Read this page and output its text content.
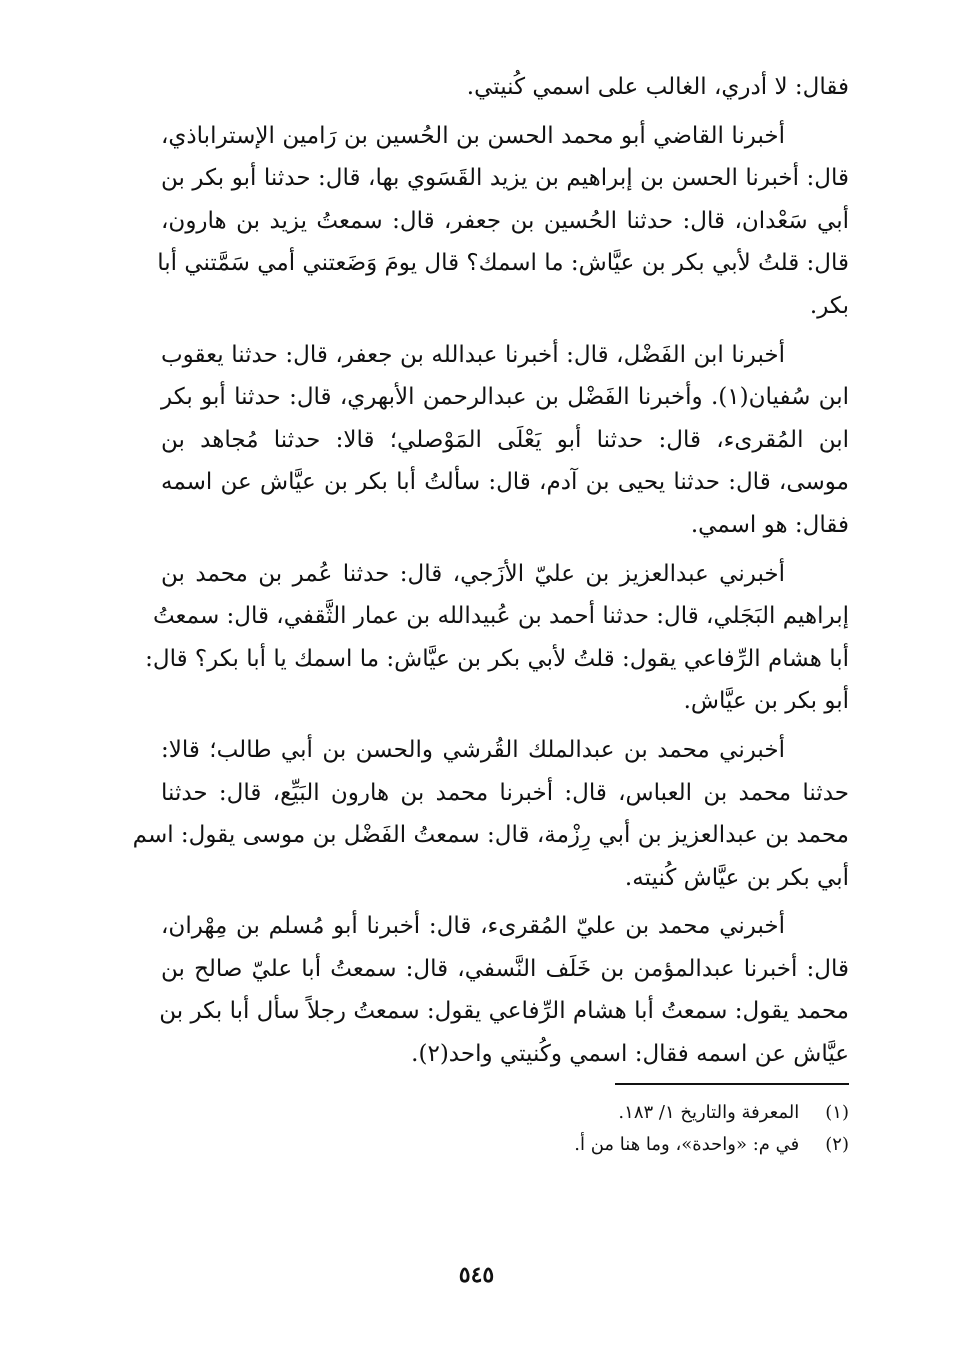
فقال: لا أدري، الغالب على اسمي كُنيتي.
أخبرنا القاضي أبو محمد الحسن بن الحُسين بن رَامين الإستراباذي،
قال: أخبرنا الحسن بن إبراهيم بن يزيد القَسَوي بها، قال: حدثنا أبو بكر بن
أبي سَعْدان، قال: حدثنا الحُسين بن جعفر، قال: سمعتُ يزيد بن هارون،
قال: قلتُ لأبي بكر بن عيَّاش: ما اسمك؟ قال يومَ وَضَعتني أمي سَمَّتني أبا
بكر.
أخبرنا ابن الفَضْل، قال: أخبرنا عبدالله بن جعفر، قال: حدثنا يعقوب
ابن سُفيان(١). وأخبرنا الفَضْل بن عبدالرحمن الأبهري، قال: حدثنا أبو بكر
ابن المُقرىء، قال: حدثنا أبو يَعْلَى المَوْصلي؛ قالا: حدثنا مُجاهد بن
موسى، قال: حدثنا يحيى بن آدم، قال: سألتُ أبا بكر بن عيَّاش عن اسمه
فقال: هو اسمي.
أخبرني عبدالعزيز بن عليّ الأزَجي، قال: حدثنا عُمر بن محمد بن
إبراهيم البَجَلي، قال: حدثنا أحمد بن عُبيدالله بن عمار الثَّقفي، قال: سمعتُ
أبا هشام الرِّفاعي يقول: قلتُ لأبي بكر بن عيَّاش: ما اسمك يا أبا بكر؟ قال:
أبو بكر بن عيَّاش.
أخبرني محمد بن عبدالملك القُرشي والحسن بن أبي طالب؛ قالا:
حدثنا محمد بن العباس، قال: أخبرنا محمد بن هارون البَيِّع، قال: حدثنا
محمد بن عبدالعزيز بن أبي رِزْمة، قال: سمعتُ الفَضْل بن موسى يقول: اسم
أبي بكر بن عيَّاش كُنيته.
أخبرني محمد بن عليّ المُقرىء، قال: أخبرنا أبو مُسلم بن مِهْران،
قال: أخبرنا عبدالمؤمن بن خَلَف النَّسفي، قال: سمعتُ أبا عليّ صالح بن
محمد يقول: سمعتُ أبا هشام الرِّفاعي يقول: سمعتُ رجلاً سأل أبا بكر بن
عيَّاش عن اسمه فقال: اسمي وكُنيتي واحد(٢).
(١) المعرفة والتاريخ ١/ ١٨٣.
(٢) في م: «واحدة»، وما هنا من أ.
٥٤٥
